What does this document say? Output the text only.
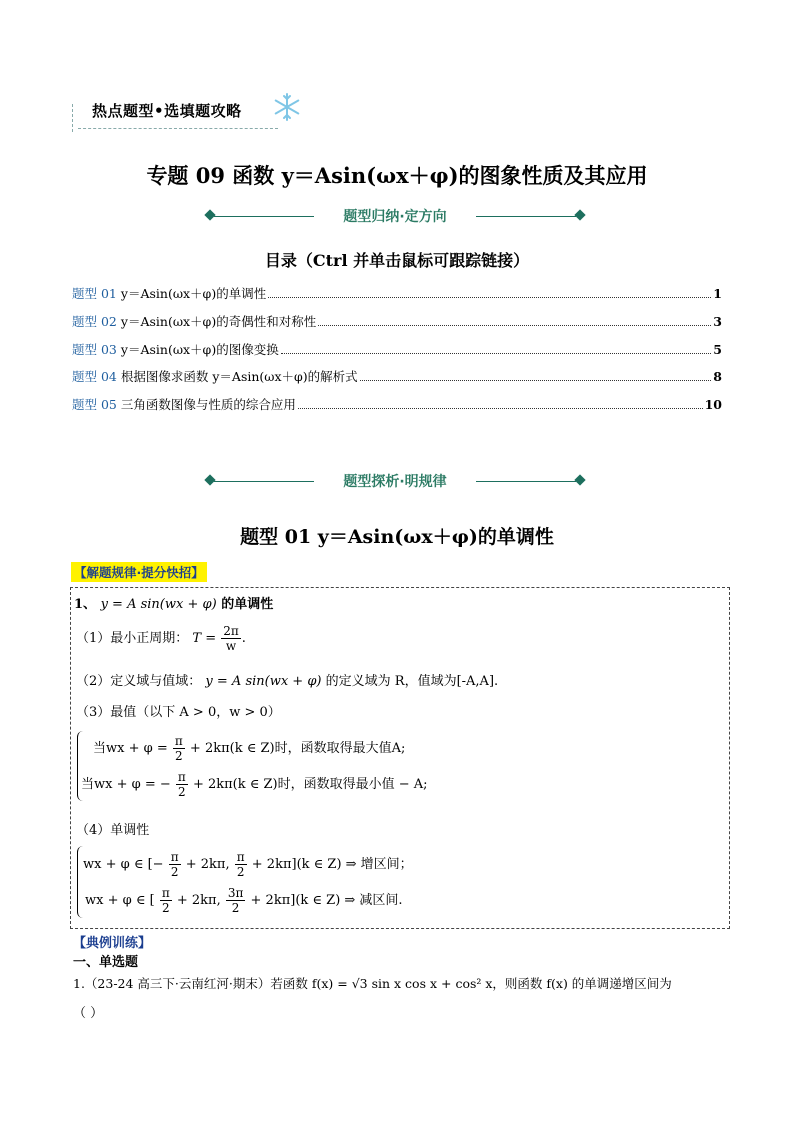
热点题型•选填题攻略
专题 09 函数 y＝Asin(ωx＋φ)的图象性质及其应用
题型归纳·定方向
目录（Ctrl 并单击鼠标可跟踪链接）
题型 01 y＝Asin(ωx＋φ)的单调性	1
题型 02 y＝Asin(ωx＋φ)的奇偶性和对称性	3
题型 03 y＝Asin(ωx＋φ)的图像变换	5
题型 04 根据图像求函数 y＝Asin(ωx＋φ)的解析式	8
题型 05 三角函数图像与性质的综合应用	10
题型探析·明规律
题型 01 y＝Asin(ωx＋φ)的单调性
【解题规律·提分快招】
1、 y = A sin(wx + φ) 的单调性
（1）最小正周期： $T = \frac{2\pi}{w}$ .
（2）定义域与值域： y = A sin(wx + φ) 的定义域为 R，值域为[-A,A].
（3）最值（以下 A > 0，w > 0）
当wx + $\varphi = \frac{\pi}{2} + 2k\pi(k$ ∈ Z)时，函数取得最大值A;
当wx + φ = − $\frac{\pi}{2} + 2k\pi(k$ ∈ Z)时，函数取得最小值 − A;
（4）单调性
wx + φ ∈ [− $\frac{\pi}{2} + 2k\pi$, $\frac{\pi}{2} + 2k\pi](k$ ∈ Z) ⇒ 增区间；
wx + φ ∈ [ $\frac{\pi}{2} + 2k\pi$, $\frac{3\pi}{2} + 2k\pi](k$ ∈ Z) ⇒ 减区间.
【典例训练】
一、单选题
1.（23-24 高三下·云南红河·期末）若函数 f(x) = √3 sin x cos x + cos² x，则函数 f(x) 的单调递增区间为
（ ）
